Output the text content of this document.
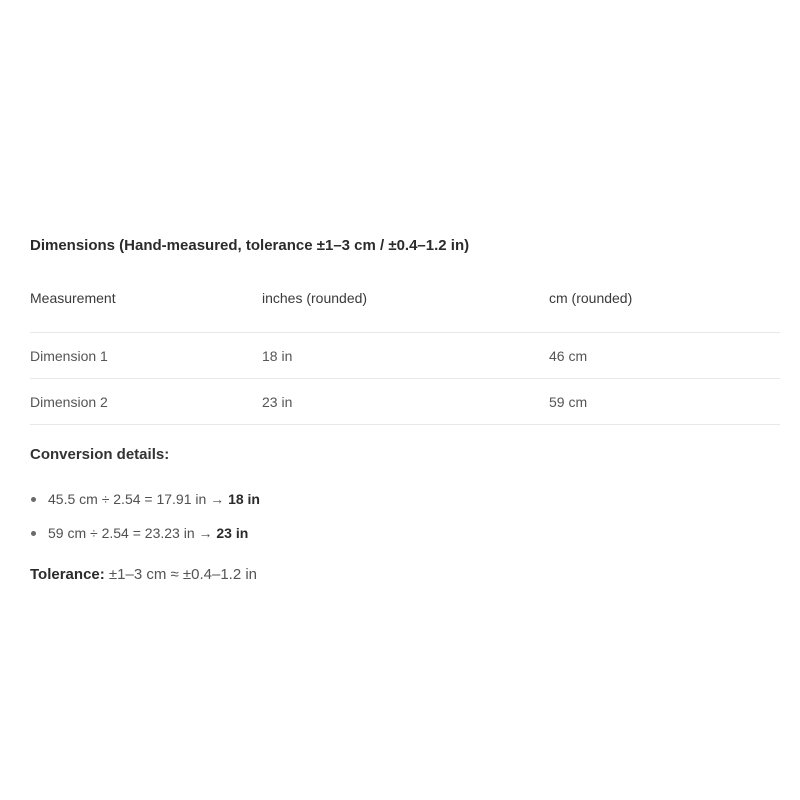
Dimensions (Hand-measured, tolerance ±1–3 cm / ±0.4–1.2 in)
Measurement	inches (rounded)	cm (rounded)
Dimension 1	18 in	46 cm
Dimension 2	23 in	59 cm
Conversion details:
45.5 cm ÷ 2.54 = 17.91 in → 18 in
59 cm ÷ 2.54 = 23.23 in → 23 in
Tolerance: ±1–3 cm ≈ ±0.4–1.2 in
